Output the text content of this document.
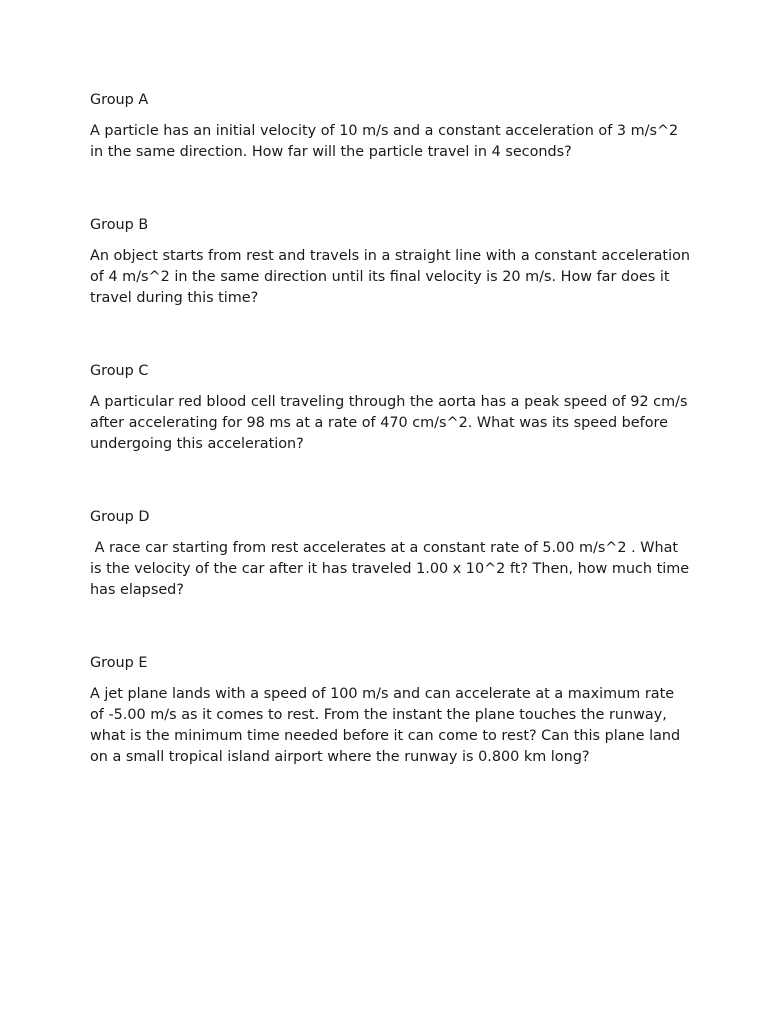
Group A

A particle has an initial velocity of 10 m/s and a constant acceleration of 3 m/s^2 in the same direction. How far will the particle travel in 4 seconds?

Group B

An object starts from rest and travels in a straight line with a constant acceleration of 4 m/s^2 in the same direction until its final velocity is 20 m/s. How far does it travel during this time?

Group C

A particular red blood cell traveling through the aorta has a peak speed of 92 cm/s after accelerating for 98 ms at a rate of 470 cm/s^2. What was its speed before undergoing this acceleration?

Group D

A race car starting from rest accelerates at a constant rate of 5.00 m/s^2 . What is the velocity of the car after it has traveled 1.00 x 10^2 ft? Then, how much time has elapsed?

Group E

A jet plane lands with a speed of 100 m/s and can accelerate at a maximum rate of -5.00 m/s as it comes to rest. From the instant the plane touches the runway, what is the minimum time needed before it can come to rest? Can this plane land on a small tropical island airport where the runway is 0.800 km long?
